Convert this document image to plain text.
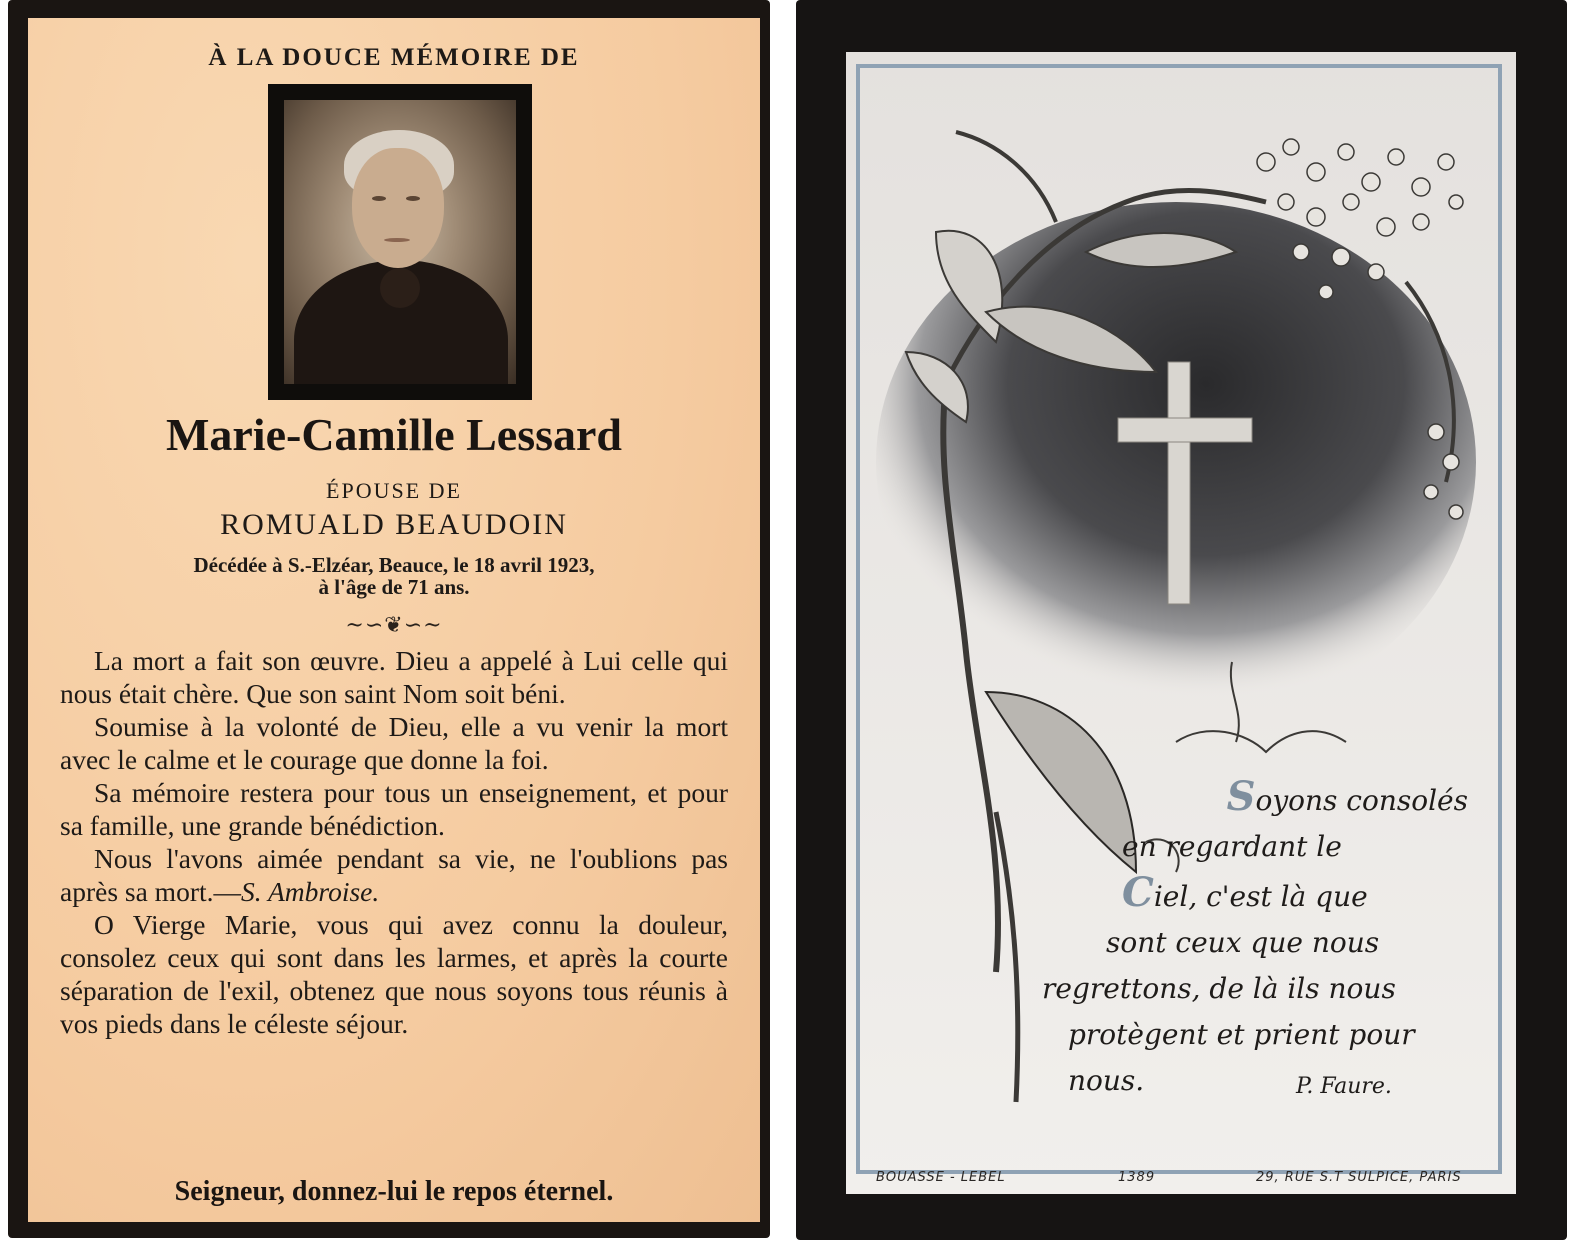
À LA DOUCE MÉMOIRE DE
Marie-Camille Lessard
ÉPOUSE DE
ROMUALD BEAUDOIN
Décédée à S.-Elzéar, Beauce, le 18 avril 1923,
à l'âge de 71 ans.
~∽❦∽~

La mort a fait son œuvre. Dieu a appelé à Lui celle qui nous était chère. Que son saint Nom soit béni.

Soumise à la volonté de Dieu, elle a vu venir la mort avec le calme et le courage que donne la foi.

Sa mémoire restera pour tous un enseignement, et pour sa famille, une grande bénédiction.

Nous l'avons aimée pendant sa vie, ne l'oublions pas après sa mort.—S. Ambroise.

O Vierge Marie, vous qui avez connu la douleur, consolez ceux qui sont dans les larmes, et après la courte séparation de l'exil, obtenez que nous soyons tous réunis à vos pieds dans le céleste séjour.

Seigneur, donnez-lui le repos éternel.
Soyons consolés
en regardant le
Ciel, c'est là que
sont ceux que nous
regrettons, de là ils nous
protègent et prient pour
nous.	P. Faure.
BOUASSE - LEBEL	1389	29, RUE S.T SULPICE, PARIS
